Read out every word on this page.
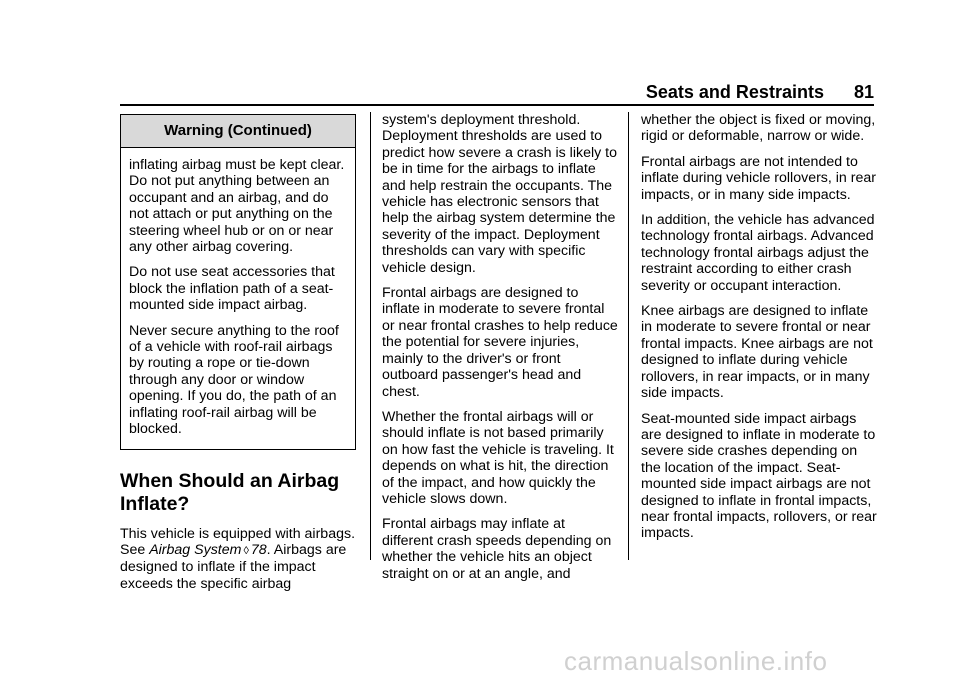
Seats and Restraints 81
Warning (Continued)

inflating airbag must be kept clear. Do not put anything between an occupant and an airbag, and do not attach or put anything on the steering wheel hub or on or near any other airbag covering.

Do not use seat accessories that block the inflation path of a seat-mounted side impact airbag.

Never secure anything to the roof of a vehicle with roof-rail airbags by routing a rope or tie-down through any door or window opening. If you do, the path of an inflating roof-rail airbag will be blocked.

When Should an Airbag Inflate?

This vehicle is equipped with airbags. See Airbag System ◊ 78. Airbags are designed to inflate if the impact exceeds the specific airbag

system's deployment threshold. Deployment thresholds are used to predict how severe a crash is likely to be in time for the airbags to inflate and help restrain the occupants. The vehicle has electronic sensors that help the airbag system determine the severity of the impact. Deployment thresholds can vary with specific vehicle design.

Frontal airbags are designed to inflate in moderate to severe frontal or near frontal crashes to help reduce the potential for severe injuries, mainly to the driver's or front outboard passenger's head and chest.

Whether the frontal airbags will or should inflate is not based primarily on how fast the vehicle is traveling. It depends on what is hit, the direction of the impact, and how quickly the vehicle slows down.

Frontal airbags may inflate at different crash speeds depending on whether the vehicle hits an object straight on or at an angle, and

whether the object is fixed or moving, rigid or deformable, narrow or wide.

Frontal airbags are not intended to inflate during vehicle rollovers, in rear impacts, or in many side impacts.

In addition, the vehicle has advanced technology frontal airbags. Advanced technology frontal airbags adjust the restraint according to either crash severity or occupant interaction.

Knee airbags are designed to inflate in moderate to severe frontal or near frontal impacts. Knee airbags are not designed to inflate during vehicle rollovers, in rear impacts, or in many side impacts.

Seat-mounted side impact airbags are designed to inflate in moderate to severe side crashes depending on the location of the impact. Seat-mounted side impact airbags are not designed to inflate in frontal impacts, near frontal impacts, rollovers, or rear impacts.

carmanualsonline.info
